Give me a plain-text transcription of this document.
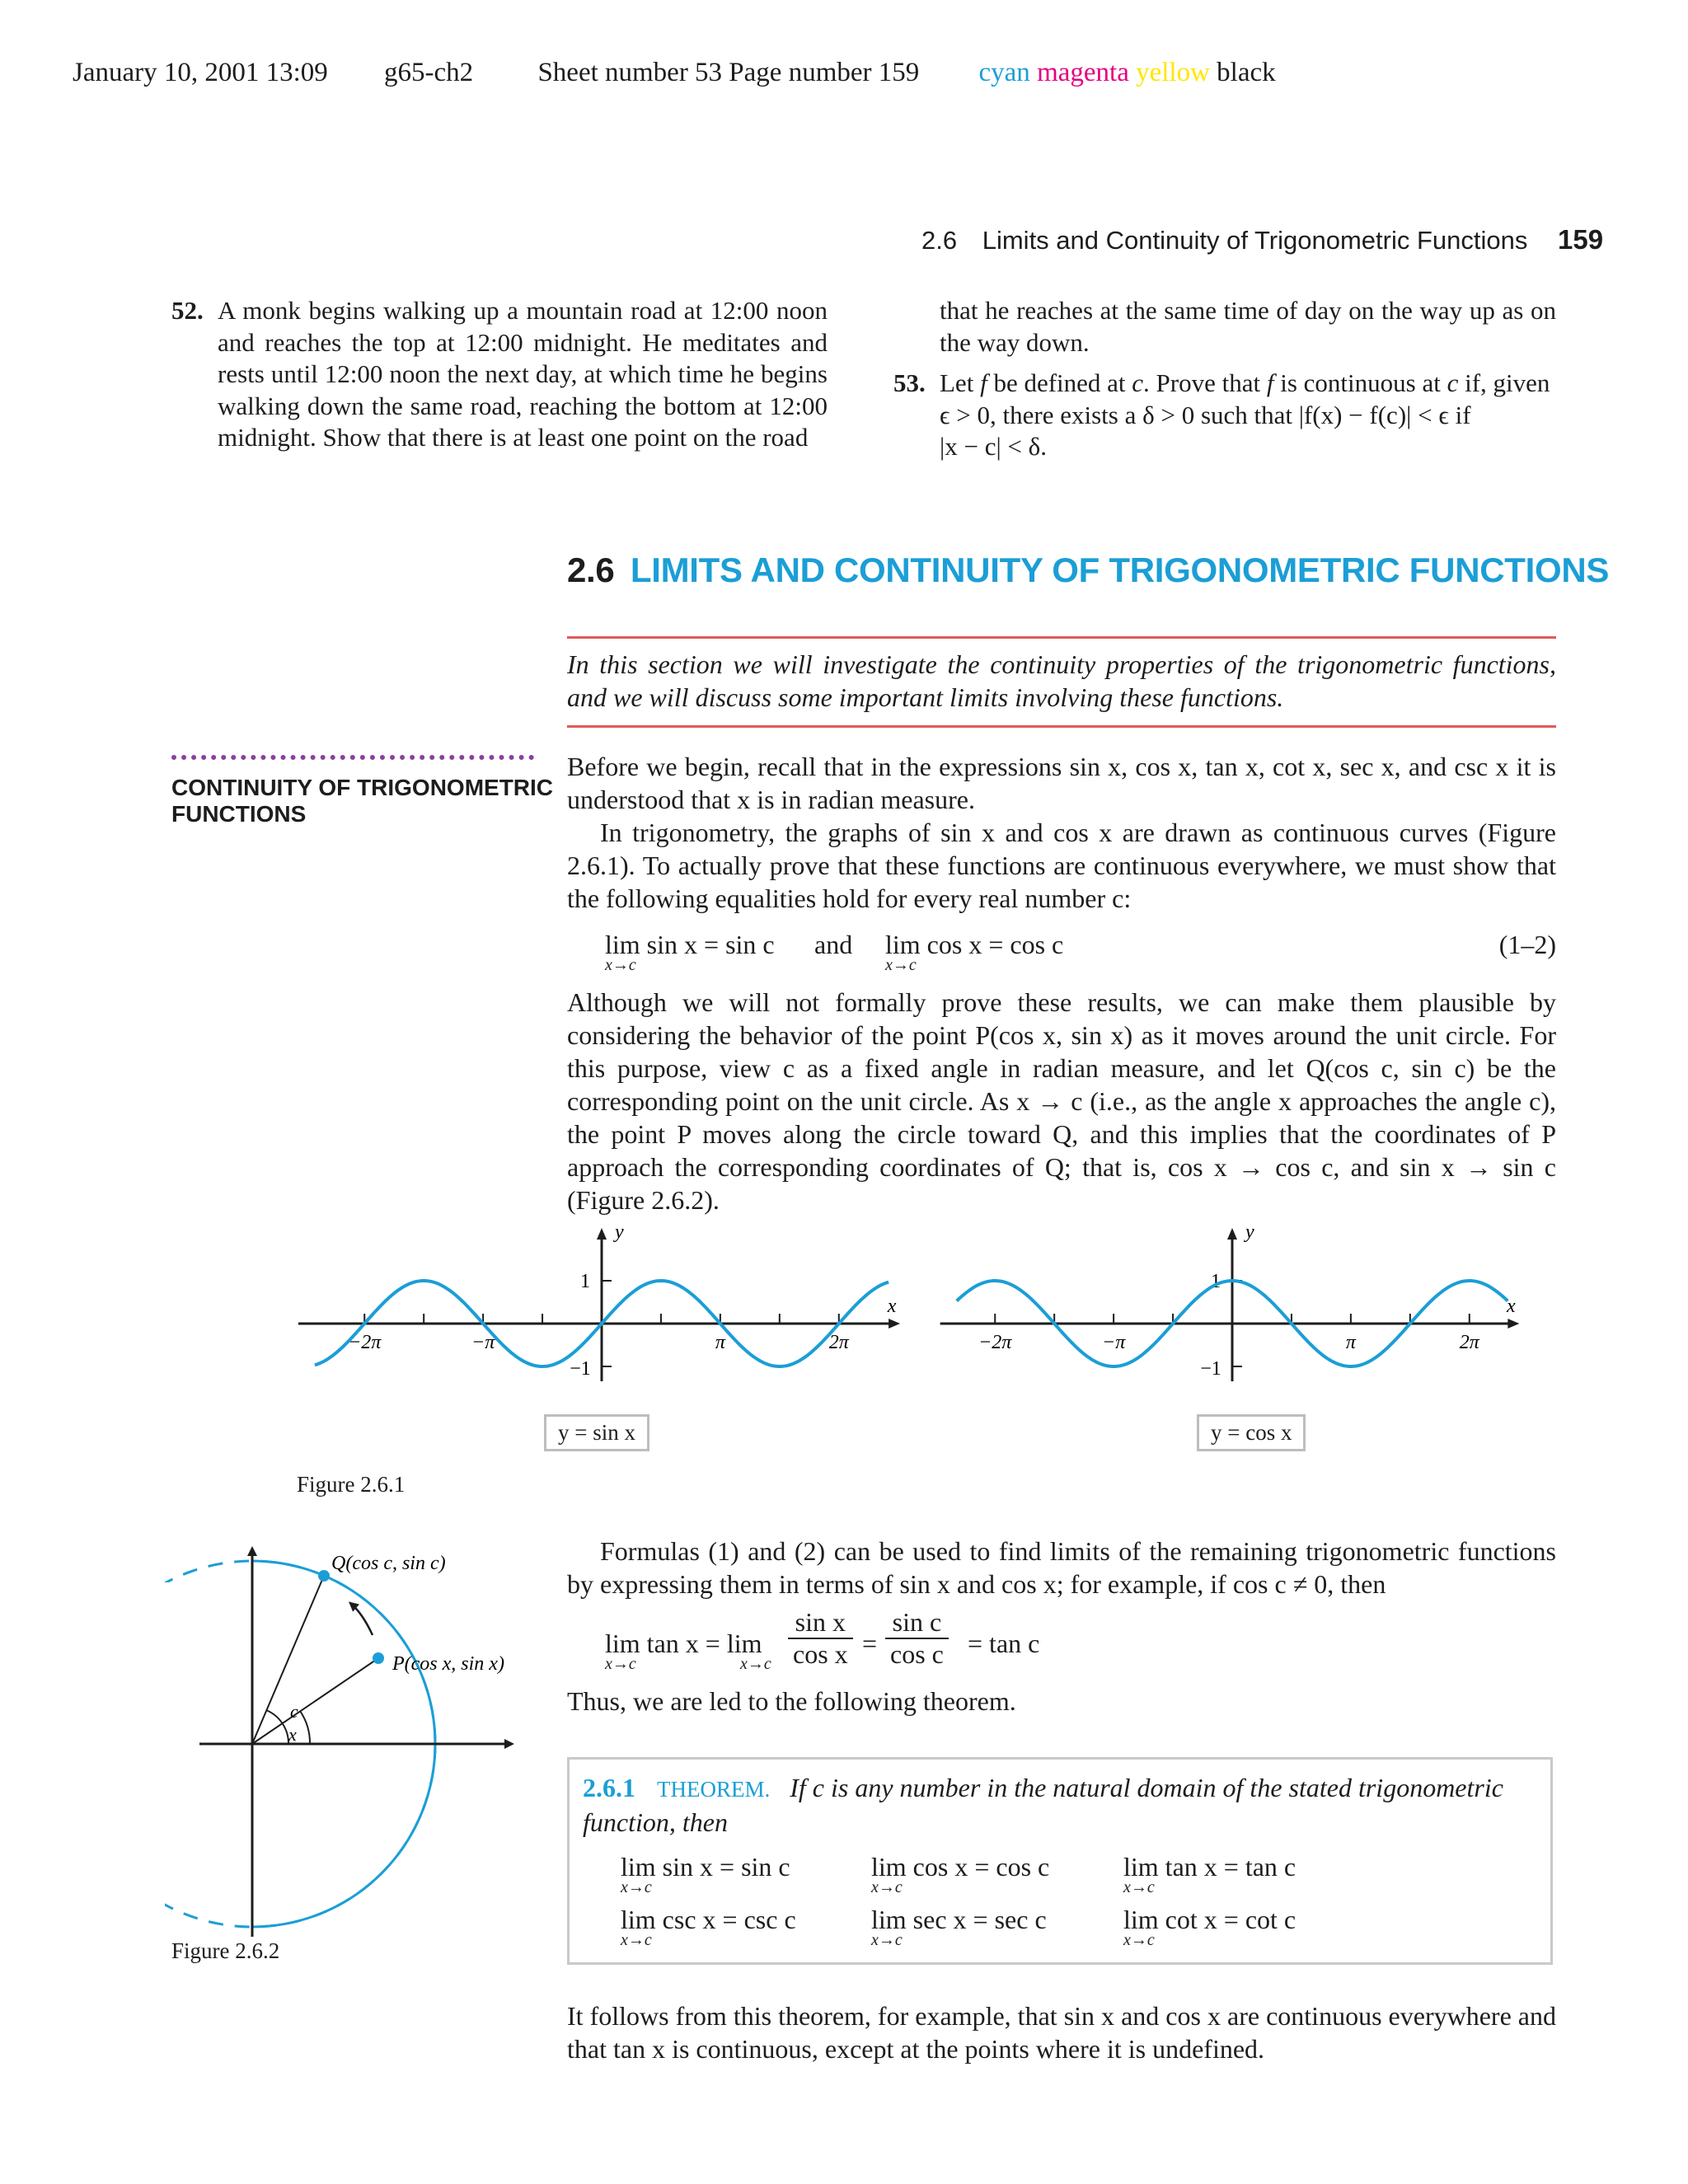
January 10, 2001 13:09 g65-ch2 Sheet number 53 Page number 159 cyan magenta yellow black
2.6 Limits and Continuity of Trigonometric Functions 159
52. A monk begins walking up a mountain road at 12:00 noon and reaches the top at 12:00 midnight. He meditates and rests until 12:00 noon the next day, at which time he begins walking down the same road, reaching the bottom at 12:00 midnight. Show that there is at least one point on the road
that he reaches at the same time of day on the way up as on the way down.
53. Let f be defined at c. Prove that f is continuous at c if, given
ϵ > 0, there exists a δ > 0 such that |f(x) − f(c)| < ϵ if
|x − c| < δ.
2.6 LIMITS AND CONTINUITY OF TRIGONOMETRIC FUNCTIONS
In this section we will investigate the continuity properties of the trigonometric functions, and we will discuss some important limits involving these functions.
CONTINUITY OF TRIGONOMETRIC
FUNCTIONS
Before we begin, recall that in the expressions sin x, cos x, tan x, cot x, sec x, and csc x it is understood that x is in radian measure.
In trigonometry, the graphs of sin x and cos x are drawn as continuous curves (Figure 2.6.1). To actually prove that these functions are continuous everywhere, we must show that the following equalities hold for every real number c:
lim sin x = sin c
x→c
and lim cos x = cos c
x→c
(1–2)
Although we will not formally prove these results, we can make them plausible by considering the behavior of the point P(cos x, sin x) as it moves around the unit circle. For this purpose, view c as a fixed angle in radian measure, and let Q(cos c, sin c) be the corresponding point on the unit circle. As x → c (i.e., as the angle x approaches the angle c), the point P moves along the circle toward Q, and this implies that the coordinates of P approach the corresponding coordinates of Q; that is, cos x → cos c, and sin x → sin c (Figure 2.6.2).
1
−1
x
y
−2π	−π	π	2π
1
−1
x
y
−2π	−π	π	2π
y = sin x	y = cos x
Figure 2.6.1
c
x
Q(cos c, sin c)
P(cos x, sin x)
Figure 2.6.2
Formulas (1) and (2) can be used to find limits of the remaining trigonometric functions by expressing them in terms of sin x and cos x; for example, if cos c ≠ 0, then
lim tan x = lim
x→c	$x\to c \frac{\text{sin x}}{\text{cos x}} = \frac{\text{sin c}}{\text{cos c}} = \tan c$
Thus, we are led to the following theorem.
2.6.1 THEOREM. If c is any number in the natural domain of the stated trigonometric
function, then
lim sin x = sin c
x→c
lim cos x = cos c
x→c
lim tan x = tan c
x→c
lim csc x = csc c
x→c
lim sec x = sec c
x→c
lim cot x = cot c
x→c
It follows from this theorem, for example, that sin x and cos x are continuous everywhere and that tan x is continuous, except at the points where it is undefined.
